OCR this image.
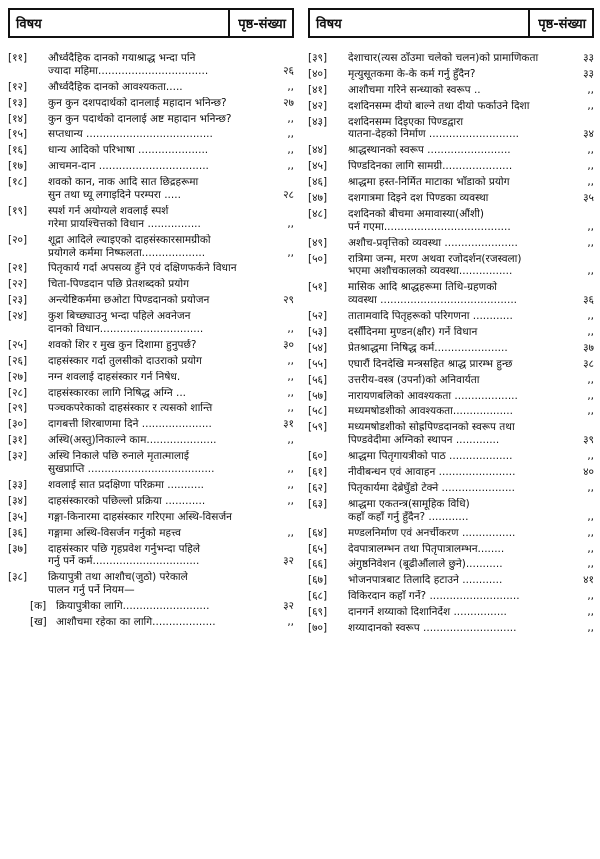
विषय	पृष्ठ-संख्या
[११]	और्ध्वदैहिक दानको गयाश्राद्ध भन्दा पनि
ज्यादा महिमा.................................	२६
[१२]	और्ध्वदैहिक दानको आवश्यकता.....	,,
[१३]	कुन कुन दशपदार्थको दानलाई महादान भनिन्छ?	२७
[१४]	कुन कुन पदार्थको दानलाई अष्ट महादान भनिन्छ?	,,
[१५]	सप्तधान्य ......................................	,,
[१६]	धान्य आदिको परिभाषा .....................	,,
[१७]	आचमन-दान .................................	,,
[१८]	शवको कान, नाक आदि सात छिद्रहरूमा
सुन तथा घ्यू लगाइदिने परम्परा .....	२८
[१९]	स्पर्श गर्न अयोग्यले शवलाई स्पर्श
गरेमा प्रायश्चित्तको विधान ................	,,
[२०]	शूद्रा आदिले ल्याइएको दाहसंस्कारसामग्रीको
प्रयोगले कर्ममा निष्फलता...................	,,
[२१]	पितृकार्य गर्दा अपसव्य हुँने एवं दक्षिणफर्कने विधान
[२२]	चिता-पिण्डदान पछि प्रेतशब्दको प्रयोग
[२३]	अन्त्येष्टिकर्ममा छओटा पिण्डदानको प्रयोजन	२९
[२४]	कुश बिच्छ्याउनु भन्दा पहिले अवनेजन
दानको विधान...............................	,,
[२५]	शवको शिर र मुख कुन दिशामा हुनुपर्छ?	३०
[२६]	दाहसंस्कार गर्दा तुलसीको दाउराको प्रयोग	,,
[२७]	नग्न शवलाई दाहसंस्कार गर्न निषेध.	,,
[२८]	दाहसंस्कारका लागि निषिद्ध अग्नि ...	,,
[२९]	पञ्चकपरेकाको दाहसंस्कार र त्यसको शान्ति	,,
[३०]	दागबत्ती शिरबाणमा दिने .....................	३१
[३१]	अस्थि(अस्तु)निकाल्ने काम.....................	,,
[३२]	अस्थि निकाले पछि रुनाले मृतात्मालाई
सुखप्राप्ति ......................................	,,
[३३]	शवलाई सात प्रदक्षिणा परिक्रमा ...........	,,
[३४]	दाहसंस्कारको पछिल्लो प्रक्रिया ............	,,
[३५]	गङ्गा-किनारमा दाहसंस्कार गरिएमा अस्थि-विसर्जन
[३६]	गङ्गामा अस्थि-विसर्जन गर्नुको महत्त्व	,,
[३७]	दाहसंस्कार पछि गृहप्रवेश गर्नुभन्दा पहिले
गर्नु पर्ने कर्म................................	३२
[३८]	क्रियापुत्री तथा आशौच(जुठो) परेकाले
पालन गर्नु पर्ने नियम—
[क] क्रियापुत्रीका लागि..........................	३२
[ख] आशौचमा रहेका का लागि...................	,,
विषय	पृष्ठ-संख्या
[३९]	देशाचार(त्यस ठाँउमा चलेको चलन)को प्रामाणिकता	३३
[४०]	मृत्युसूतकमा के-के कर्म गर्नु हुँदैन?	३३
[४१]	आशौचमा गरिने सन्ध्याको स्वरूप ..	,,
[४२]	दशदिनसम्म दीयो बाल्ने तथा दीयो फर्काउने दिशा	,,
[४३]	दशदिनसम्म दिइएका पिण्डद्वारा
यातना-देहको निर्माण ...........................	३४
[४४]	श्राद्धस्थानको स्वरूप .........................	,,
[४५]	पिण्डदिनका लागि सामग्री.....................	,,
[४६]	श्राद्धमा हस्त-निर्मित माटाका भाँडाको प्रयोग	,,
[४७]	दशगात्रमा दिइने दश पिण्डका व्यवस्था	३५
[४८]	दशदिनको बीचमा अमावास्या(औंशी)
पर्न गएमा......................................	,,
[४९]	अशौच-प्रवृत्तिको व्यवस्था ......................	,,
[५०]	रात्रिमा जन्म, मरण अथवा रजोदर्शन(रजस्वला)
भएमा अशौचकालको व्यवस्था................	,,
[५१]	मासिक आदि श्राद्धहरूमा तिथि-ग्रहणको
व्यवस्था .........................................	३६
[५२]	तातामवादि पितृहरूको परिगणना ............	,,
[५३]	दसौँदिनमा मुण्डन(क्षौर) गर्ने विधान	,,
[५४]	प्रेतश्राद्धमा निषिद्ध कर्म......................	३७
[५५]	एघारौं दिनदेखि मन्त्रसहित श्राद्ध प्रारम्भ हुन्छ	३८
[५६]	उत्तरीय-वस्त्र (उपर्ना)को अनिवार्यता	,,
[५७]	नारायणबलिको आवश्यकता ...................	,,
[५८]	मध्यमषोडशीको आवश्यकता..................	,,
[५९]	मध्यमषोडशीको सोह्रपिण्डदानको स्वरूप तथा
पिण्डवेदीमा अग्निको स्थापन .............	३९
[६०]	श्राद्धमा पितृगायत्रीको पाठ ...................	,,
[६१]	नीवीबन्धन एवं आवाहन .......................	४०
[६२]	पितृकार्यमा देब्रेघुँडो टेक्ने ......................	,,
[६३]	श्राद्धमा एकतन्त्र(सामूहिक विधि)
कहाँ कहाँ गर्नु हुँदैन? ............	,,
[६४]	मण्डलनिर्माण एवं अनर्चीकरण ................	,,
[६५]	देवपात्रालम्भन तथा पितृपात्रालम्भन........	,,
[६६]	अंगुष्ठनिवेशन (बूढीऔंलाले छुने)...........	,,
[६७]	भोजनपात्रबाट तिलादि हटाउने ............	४१
[६८]	विकिरदान कहाँ गर्ने? ...........................	,,
[६९]	दानगर्ने शय्याको दिशानिर्देश ................	,,
[७०]	शय्यादानको स्वरूप ............................	,,
